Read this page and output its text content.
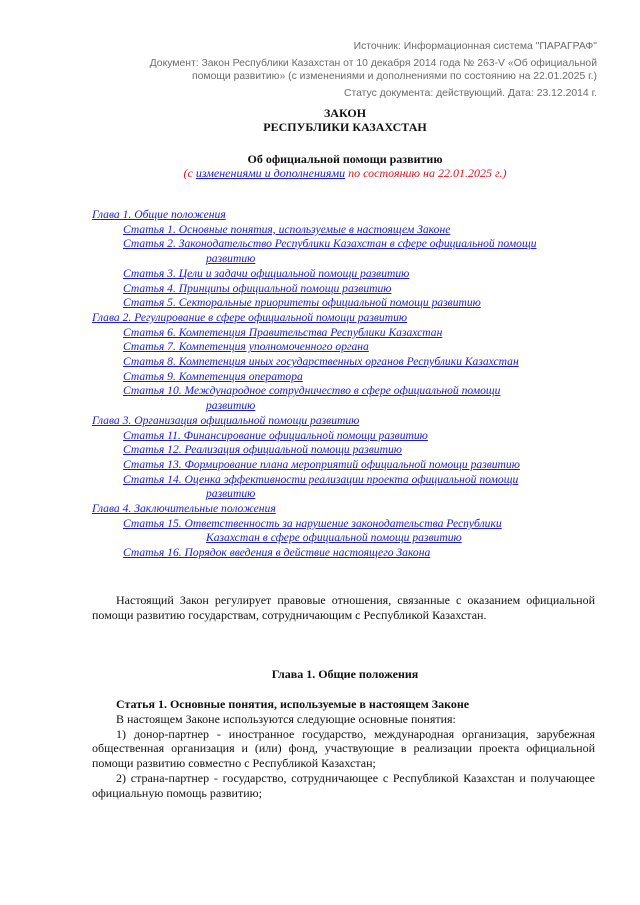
Источник: Информационная система "ПАРАГРАФ"
Документ: Закон Республики Казахстан от 10 декабря 2014 года № 263-V «Об официальной помощи развитию» (с изменениями и дополнениями по состоянию на 22.01.2025 г.)
Статус документа: действующий. Дата: 23.12.2014 г.
ЗАКОН
РЕСПУБЛИКИ КАЗАХСТАН
Об официальной помощи развитию
(с изменениями и дополнениями по состоянию на 22.01.2025 г.)
Глава 1. Общие положения
Статья 1. Основные понятия, используемые в настоящем Законе
Статья 2. Законодательство Республики Казахстан в сфере официальной помощи
развитию
Статья 3. Цели и задачи официальной помощи развитию
Статья 4. Принципы официальной помощи развитию
Статья 5. Секторальные приоритеты официальной помощи развитию
Глава 2. Регулирование в сфере официальной помощи развитию
Статья 6. Компетенция Правительства Республики Казахстан
Статья 7. Компетенция уполномоченного органа
Статья 8. Компетенция иных государственных органов Республики Казахстан
Статья 9. Компетенция оператора
Статья 10. Международное сотрудничество в сфере официальной помощи
развитию
Глава 3. Организация официальной помощи развитию
Статья 11. Финансирование официальной помощи развитию
Статья 12. Реализация официальной помощи развитию
Статья 13. Формирование плана мероприятий официальной помощи развитию
Статья 14. Оценка эффективности реализации проекта официальной помощи
развитию
Глава 4. Заключительные положения
Статья 15. Ответственность за нарушение законодательства Республики
Казахстан в сфере официальной помощи развитию
Статья 16. Порядок введения в действие настоящего Закона
Настоящий Закон регулирует правовые отношения, связанные с оказанием официальной помощи развитию государствам, сотрудничающим с Республикой Казахстан.
Глава 1. Общие положения
Статья 1. Основные понятия, используемые в настоящем Законе

В настоящем Законе используются следующие основные понятия:

1) донор-партнер - иностранное государство, международная организация, зарубежная общественная организация и (или) фонд, участвующие в реализации проекта официальной помощи развитию совместно с Республикой Казахстан;

2) страна-партнер - государство, сотрудничающее с Республикой Казахстан и получающее официальную помощь развитию;
